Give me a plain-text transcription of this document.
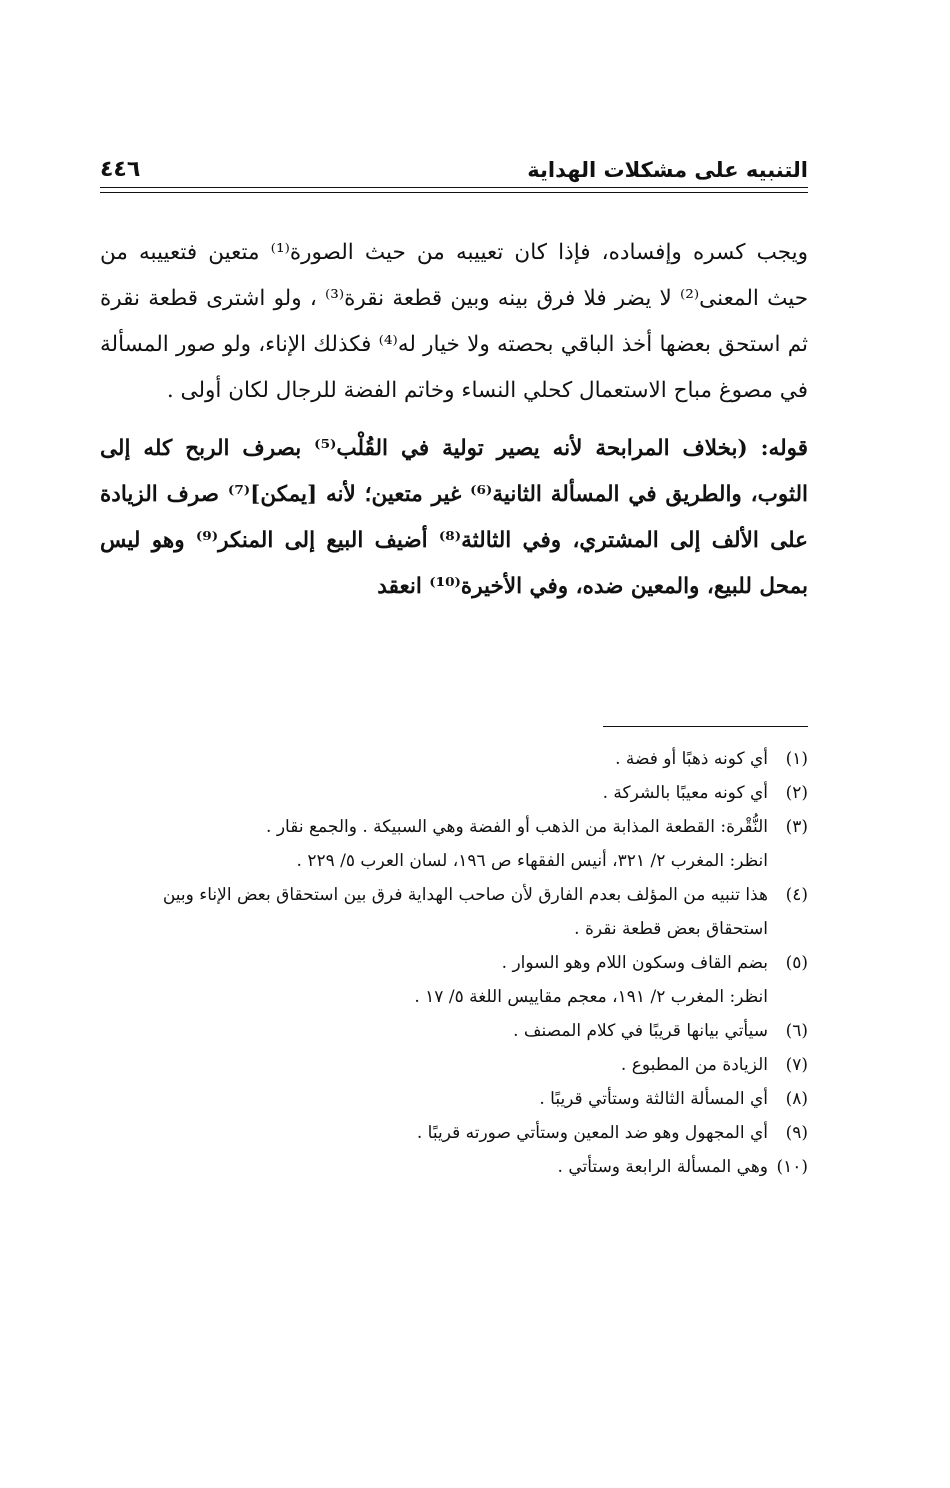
التنبيه على مشكلات الهداية
٤٤٦

ويجب كسره وإفساده، فإذا كان تعييبه من حيث الصورة⁽¹⁾ متعين فتعييبه من حيث المعنى⁽²⁾ لا يضر فلا فرق بينه وبين قطعة نقرة⁽³⁾ ، ولو اشترى قطعة نقرة ثم استحق بعضها أخذ الباقي بحصته ولا خيار له⁽⁴⁾ فكذلك الإناء، ولو صور المسألة في مصوغ مباح الاستعمال كحلي النساء وخاتم الفضة للرجال لكان أولى .

قوله: (بخلاف المرابحة لأنه يصير تولية في القُلْب⁽⁵⁾ بصرف الربح كله إلى الثوب، والطريق في المسألة الثانية⁽⁶⁾ غير متعين؛ لأنه [يمكن]⁽⁷⁾ صرف الزيادة على الألف إلى المشتري، وفي الثالثة⁽⁸⁾ أضيف البيع إلى المنكر⁽⁹⁾ وهو ليس بمحل للبيع، والمعين ضده، وفي الأخيرة⁽¹⁰⁾ انعقد

(١)
أي كونه ذهبًا أو فضة .
(٢)
أي كونه معيبًا بالشركة .
(٣)
النُّقْرة: القطعة المذابة من الذهب أو الفضة وهي السبيكة . والجمع نقار .
انظر: المغرب ٢/ ٣٢١، أنيس الفقهاء ص ١٩٦، لسان العرب ٥/ ٢٢٩ .
(٤)
هذا تنبيه من المؤلف بعدم الفارق لأن صاحب الهداية فرق بين استحقاق بعض الإناء وبين استحقاق بعض قطعة نقرة .
(٥)
بضم القاف وسكون اللام وهو السوار .
انظر: المغرب ٢/ ١٩١، معجم مقاييس اللغة ٥/ ١٧ .
(٦)
سيأتي بيانها قريبًا في كلام المصنف .
(٧)
الزيادة من المطبوع .
(٨)
أي المسألة الثالثة وستأتي قريبًا .
(٩)
أي المجهول وهو ضد المعين وستأتي صورته قريبًا .
(١٠)
وهي المسألة الرابعة وستأتي .
